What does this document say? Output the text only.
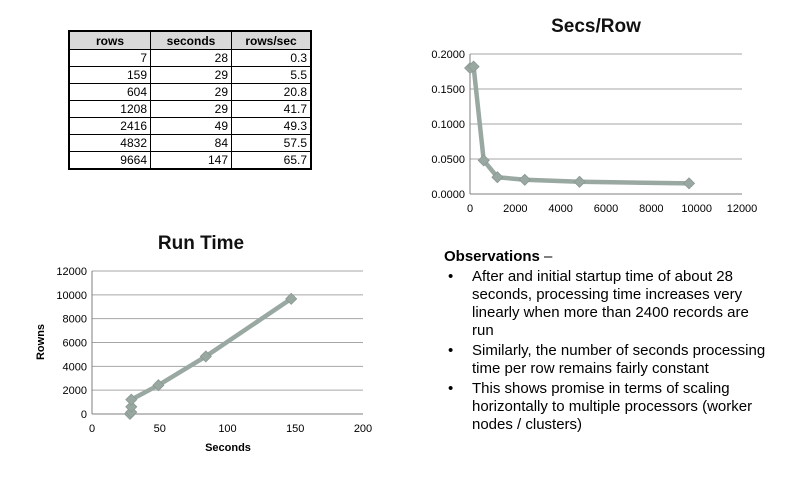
rows	seconds	rows/sec
7	28	0.3
159	29	5.5
604	29	20.8
1208	29	41.7
2416	49	49.3
4832	84	57.5
9664	147	65.7
Secs/Row
0.0000
0.0500
0.1000
0.1500
0.2000
0	2000 4000 6000 8000 10000 12000
Run Time
0
2000
4000
6000
8000
10000
12000
0	50	100	150	200
Seconds
Rowns
Observations –
• After and initial startup time of about 28 seconds, processing time increases very linearly when more than 2400 records are run
• Similarly, the number of seconds processing time per row remains fairly constant
• This shows promise in terms of scaling horizontally to multiple processors (worker nodes / clusters)
